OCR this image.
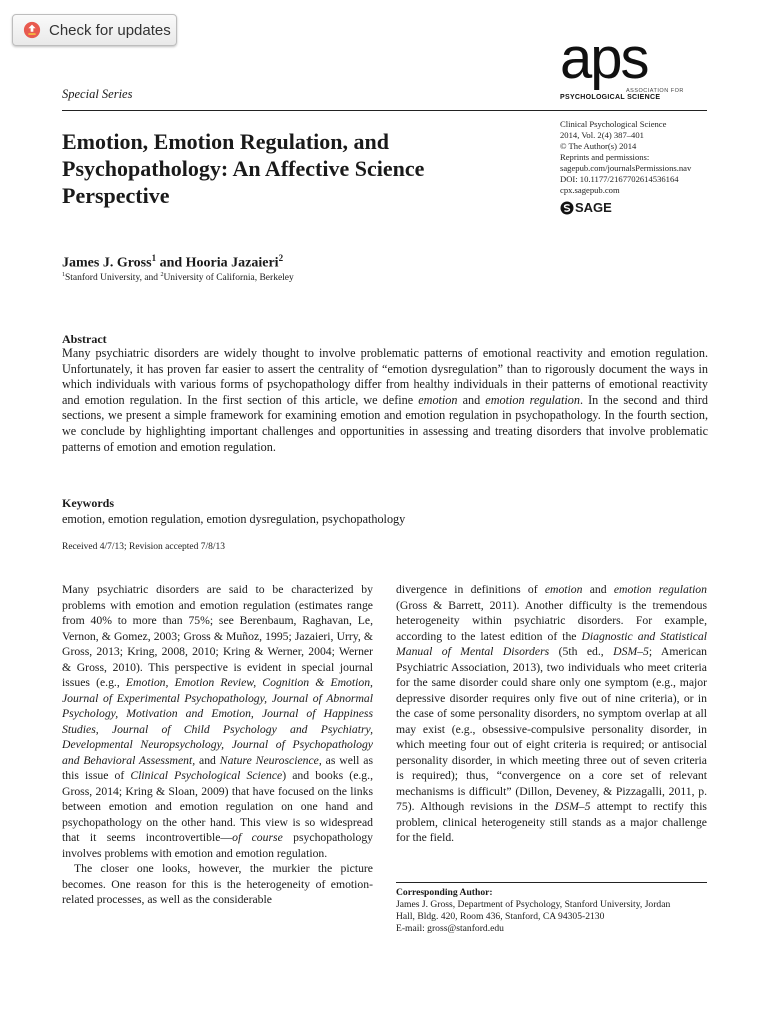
Check for updates	aps
ASSOCIATION FOR
PSYCHOLOGICAL SCIENCE
Special Series
Emotion, Emotion Regulation, and Psychopathology: An Affective Science Perspective
Clinical Psychological Science
2014, Vol. 2(4) 387–401
© The Author(s) 2014
Reprints and permissions:
sagepub.com/journalsPermissions.nav
DOI: 10.1177/2167702614536164
cpx.sagepub.com
SAGE
James J. Gross$^1$ and Hooria Jazaieri$^2$
$^1$Stanford University, and $^2$University of California, Berkeley
Abstract
Many psychiatric disorders are widely thought to involve problematic patterns of emotional reactivity and emotion regulation. Unfortunately, it has proven far easier to assert the centrality of “emotion dysregulation” than to rigorously document the ways in which individuals with various forms of psychopathology differ from healthy individuals in their patterns of emotional reactivity and emotion regulation. In the first section of this article, we define emotion and emotion regulation. In the second and third sections, we present a simple framework for examining emotion and emotion regulation in psychopathology. In the fourth section, we conclude by highlighting important challenges and opportunities in assessing and treating disorders that involve problematic patterns of emotion and emotion regulation.
Keywords
emotion, emotion regulation, emotion dysregulation, psychopathology
Received 4/7/13; Revision accepted 7/8/13

Many psychiatric disorders are said to be characterized by problems with emotion and emotion regulation (estimates range from 40% to more than 75%; see Berenbaum, Raghavan, Le, Vernon, & Gomez, 2003; Gross & Muñoz, 1995; Jazaieri, Urry, & Gross, 2013; Kring, 2008, 2010; Kring & Werner, 2004; Werner & Gross, 2010). This perspective is evident in special journal issues (e.g., Emotion, Emotion Review, Cognition & Emotion, Journal of Experimental Psychopathology, Journal of Abnormal Psychology, Motivation and Emotion, Journal of Happiness Studies, Journal of Child Psychology and Psychiatry, Developmental Neuropsychology, Journal of Psychopathology and Behavioral Assessment, and Nature Neuroscience, as well as this issue of Clinical Psychological Science) and books (e.g., Gross, 2014; Kring & Sloan, 2009) that have focused on the links between emotion and emotion regulation on one hand and psychopathology on the other hand. This view is so widespread that it seems incontrovertible—of course psychopathology involves problems with emotion and emotion regulation.

The closer one looks, however, the murkier the picture becomes. One reason for this is the heterogeneity of emotion-related processes, as well as the considerable

divergence in definitions of emotion and emotion regulation (Gross & Barrett, 2011). Another difficulty is the tremendous heterogeneity within psychiatric disorders. For example, according to the latest edition of the Diagnostic and Statistical Manual of Mental Disorders (5th ed., DSM–5; American Psychiatric Association, 2013), two individuals who meet criteria for the same disorder could share only one symptom (e.g., major depressive disorder requires only five out of nine criteria), or in the case of some personality disorders, no symptom overlap at all may exist (e.g., obsessive-compulsive personality disorder, in which meeting four out of eight criteria is required; or antisocial personality disorder, in which meeting three out of seven criteria is required); thus, “convergence on a core set of relevant mechanisms is difficult” (Dillon, Deveney, & Pizzagalli, 2011, p. 75). Although revisions in the DSM–5 attempt to rectify this problem, clinical heterogeneity still stands as a major challenge for the field.

Corresponding Author:
James J. Gross, Department of Psychology, Stanford University, Jordan
Hall, Bldg. 420, Room 436, Stanford, CA 94305-2130
E-mail: gross@stanford.edu
